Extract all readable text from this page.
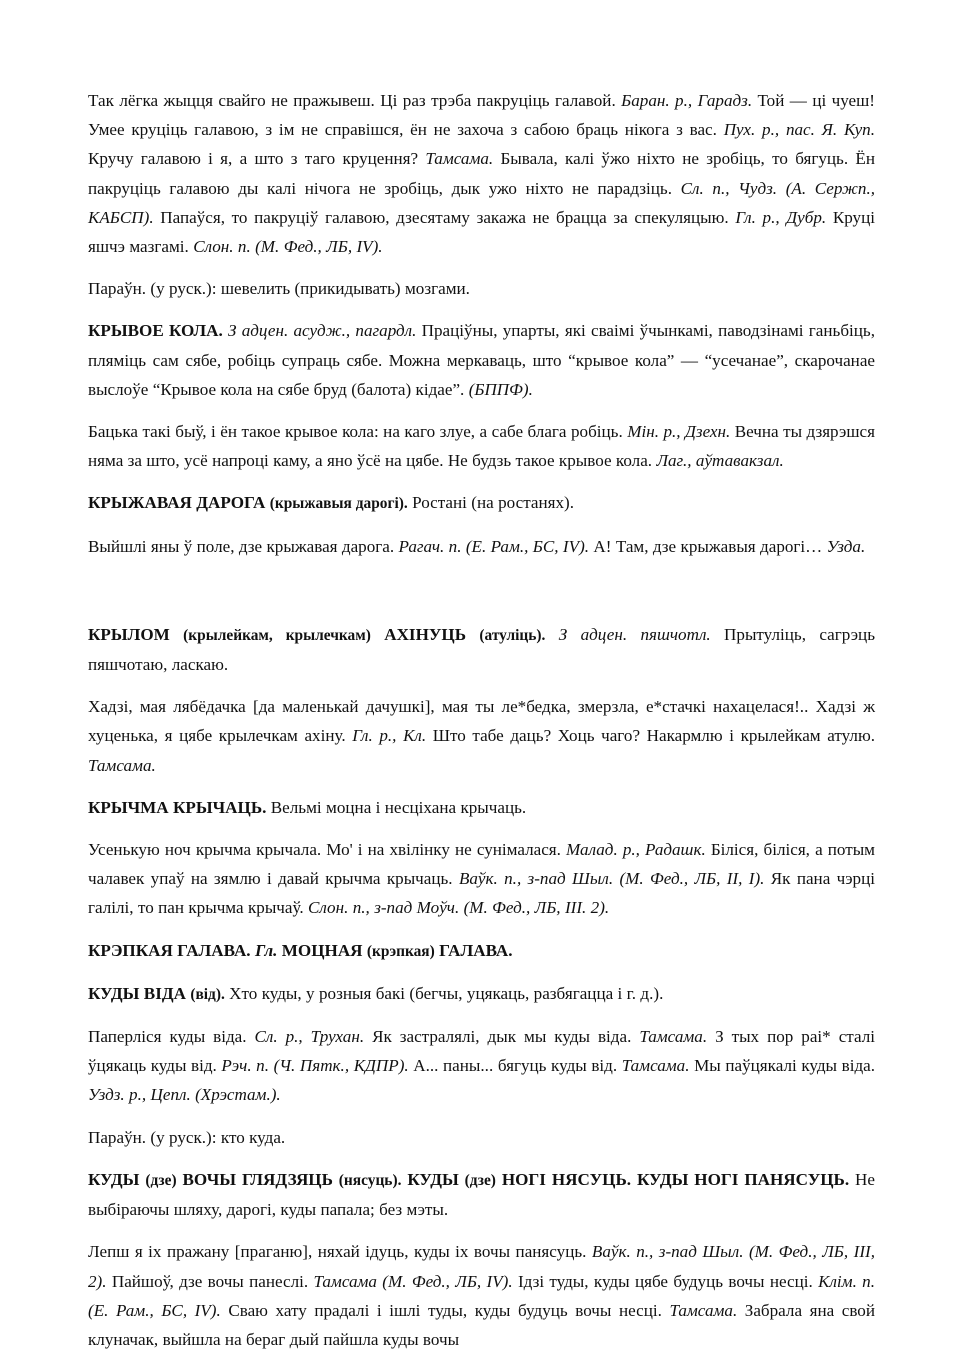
Так лёгка жыцця свайго не пражывеш. Ці раз трэба пакруціць галавой. Баран. р., Гарадз. Той — ці чуеш! Умее круціць галавою, з ім не справішся, ён не захоча з сабою браць нікога з вас. Пух. р., пас. Я. Куп. Кручу галавою і я, а што з таго круцення? Тамсама. Бывала, калі ўжо ніхто не зробіць, то бягуць. Ён пакруціць галавою ды калі нічога не зробіць, дык ужо ніхто не парадзіць. Сл. п., Чудз. (А. Сержп., КАБСП). Папаўся, то пакруціў галавою, дзесятаму закажа не брацца за спекуляцыю. Гл. р., Дубр. Круці яшчэ мазгамі. Слон. п. (М. Фед., ЛБ, IV).

Параўн. (у руск.): шевелить (прикидывать) мозгами.

КРЫВОЕ КОЛА. З адцен. асудж., пагардл. Праціўны, упарты, які сваімі ўчынкамі, паводзінамі ганьбіць, пляміць сам сябе, робіць супраць сябе. Можна меркаваць, што “крывое кола” — “усечанае”, скарочанае выслоўе “Крывое кола на сябе бруд (балота) кідае”. (БППФ).

Бацька такі быў, і ён такое крывое кола: на каго злуе, а сабе блага робіць. Мін. р., Дзехн. Вечна ты дзярэшся няма за што, усё напроці каму, а яно ўсё на цябе. Не будзь такое крывое кола. Лаг., аўтавакзал.

КРЫЖАВАЯ ДАРОГА (крыжавыя дарогі). Ростані (на ростанях).

Выйшлі яны ў поле, дзе крыжавая дарога. Рагач. п. (Е. Рам., БС, IV). А! Там, дзе крыжавыя дарогі… Узда.

КРЫЛОМ (крылейкам, крылечкам) АХІНУЦЬ (атуліць). З адцен. пяшчотл. Прытуліць, сагрэць пяшчотаю, ласкаю.

Хадзі, мая лябёдачка [да маленькай дачушкі], мая ты ле*бедка, змерзла, е*стачкі нахацелася!.. Хадзі ж хуценька, я цябе крылечкам ахіну. Гл. р., Кл. Што табе даць? Хоць чаго? Накармлю і крылейкам атулю. Тамсама.

КРЫЧМА КРЫЧАЦЬ. Вельмі моцна і несціхана крычаць.

Усенькую ноч крычма крычала. Мо' і на хвілінку не сунімалася. Малад. р., Радашк. Біліся, біліся, а потым чалавек упаў на зямлю і давай крычма крычаць. Ваўк. п., з-пад Шыл. (М. Фед., ЛБ, II, I). Як пана чэрці галілі, то пан крычма крычаў. Слон. п., з-пад Моўч. (М. Фед., ЛБ, III. 2).

КРЭПКАЯ ГАЛАВА. Гл. МОЦНАЯ (крэпкая) ГАЛАВА.

КУДЫ ВІДА (від). Хто куды, у розныя бакі (бегчы, уцякаць, разбягацца і г. д.).

Паперліся куды віда. Сл. р., Трухан. Як застралялі, дык мы куды віда. Тамсама. З тых пор раі* сталі ўцякаць куды від. Рэч. п. (Ч. Пятк., КДПР). А... паны... бягуць куды від. Тамсама. Мы паўцякалі куды віда. Уздз. р., Цепл. (Хрэстам.).

Параўн. (у руск.): кто куда.

КУДЫ (дзе) ВОЧЫ ГЛЯДЗЯЦЬ (нясуць). КУДЫ (дзе) НОГІ НЯСУЦЬ. КУДЫ НОГІ ПАНЯСУЦЬ. Не выбіраючы шляху, дарогі, куды папала; без мэты.

Лепш я іх пражану [праганю], няхай ідуць, куды іх вочы панясуць. Ваўк. п., з-пад Шыл. (М. Фед., ЛБ, III, 2). Пайшоў, дзе вочы панеслі. Тамсама (М. Фед., ЛБ, IV). Ідзі туды, куды цябе будуць вочы несці. Клім. п. (Е. Рам., БС, IV). Сваю хату прадалі і ішлі туды, куды будуць вочы несці. Тамсама. Забрала яна свой клуначак, выйшла на бераг дый пайшла куды вочы
